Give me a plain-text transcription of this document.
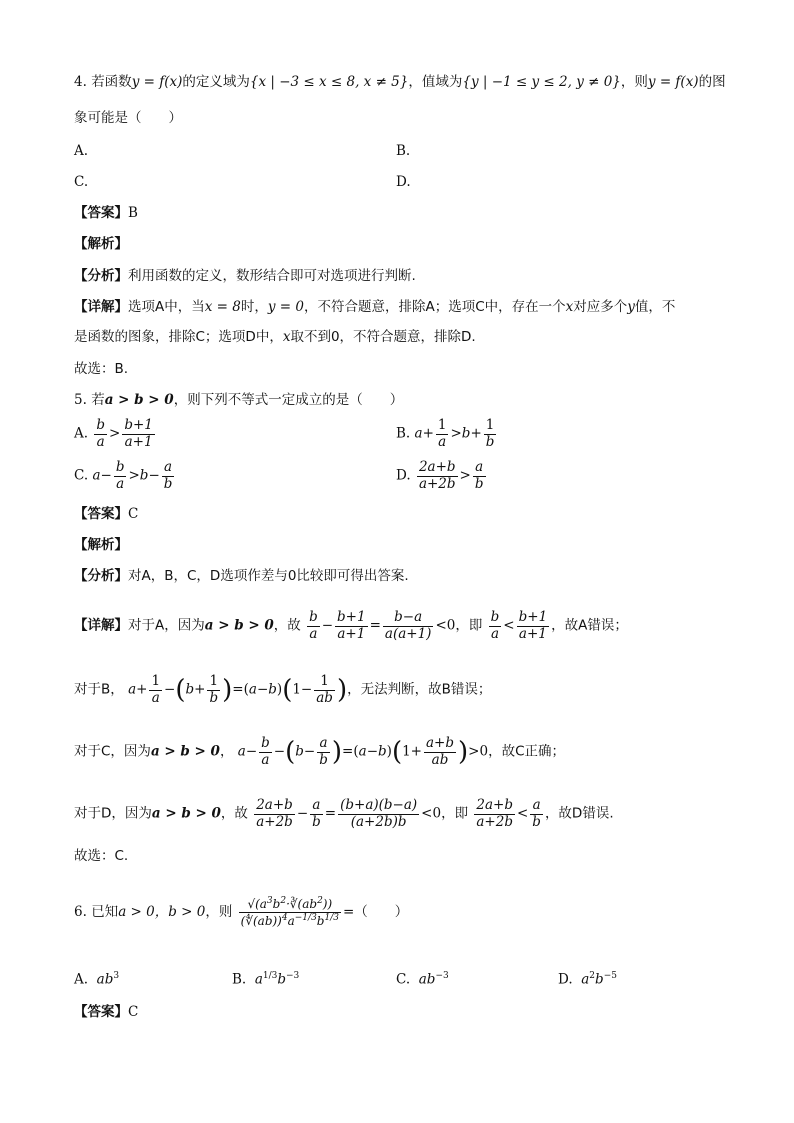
4. 若函数y = f(x)的定义域为{x | −3 ≤ x ≤ 8, x ≠ 5}，值域为{y | −1 ≤ y ≤ 2, y ≠ 0}，则y = f(x)的图
象可能是（　　）
A.	B.
C.	D.
【答案】B
【解析】
【分析】利用函数的定义，数形结合即可对选项进行判断.
【详解】选项A中，当x = 8时，y = 0，不符合题意，排除A；选项C中，存在一个x对应多个y值，不
是函数的图象，排除C；选项D中，x取不到0，不符合题意，排除D.
故选：B.
5. 若a > b > 0，则下列不等式一定成立的是（　　）
A. $\frac{b}{a} > \frac{b+1}{a+1}$	B. $a+ \frac{1}{a} >b+ \frac{1}{b}$
C. $a- \frac{b}{a} >b- \frac{a}{b}$	D. $\frac{2a+b}{a+2b} > \frac{a}{b}$
【答案】C
【解析】
【分析】对A，B，C，D选项作差与0比较即可得出答案.
【详解】对于A，因为a > b > 0，故 $\frac{b}{a} - \frac{b+1}{a+1} = \frac{b-a}{a(a+1)} <0$，即 $\frac{b}{a} < \frac{b+1}{a+1}$ ，故A错误；
对于B， $a+ \frac{1}{a} -(b+ \frac{1}{b} )=(a-b)(1- \frac{1}{ab}$ )，无法判断，故B错误；
对于C，因为a > b > 0， $a- \frac{b}{a} -(b- \frac{a}{b} )=(a-b)(1+ \frac{a+b}{ab} )>0$，故C正确；
对于D，因为a > b > 0，故 $\frac{2a+b}{a+2b} - \frac{a}{b} = \frac{(b+a)(b-a)}{(a+2b)b} <0$，即 $\frac{2a+b}{a+2b} < \frac{a}{b}$ ，故D错误.
故选：C.
6. 已知a > 0，b > 0，则 $\frac{√(a^3b^2\cdot∛(ab^2))}{(∜(ab))^4a^{-1/3}b^{1/3}}$ =（　　）
A. $ab^3$	B. $a^{1/3}b^{-3}$	C. $ab^{-3}$	D. $a^2b^{-5}$
【答案】C
